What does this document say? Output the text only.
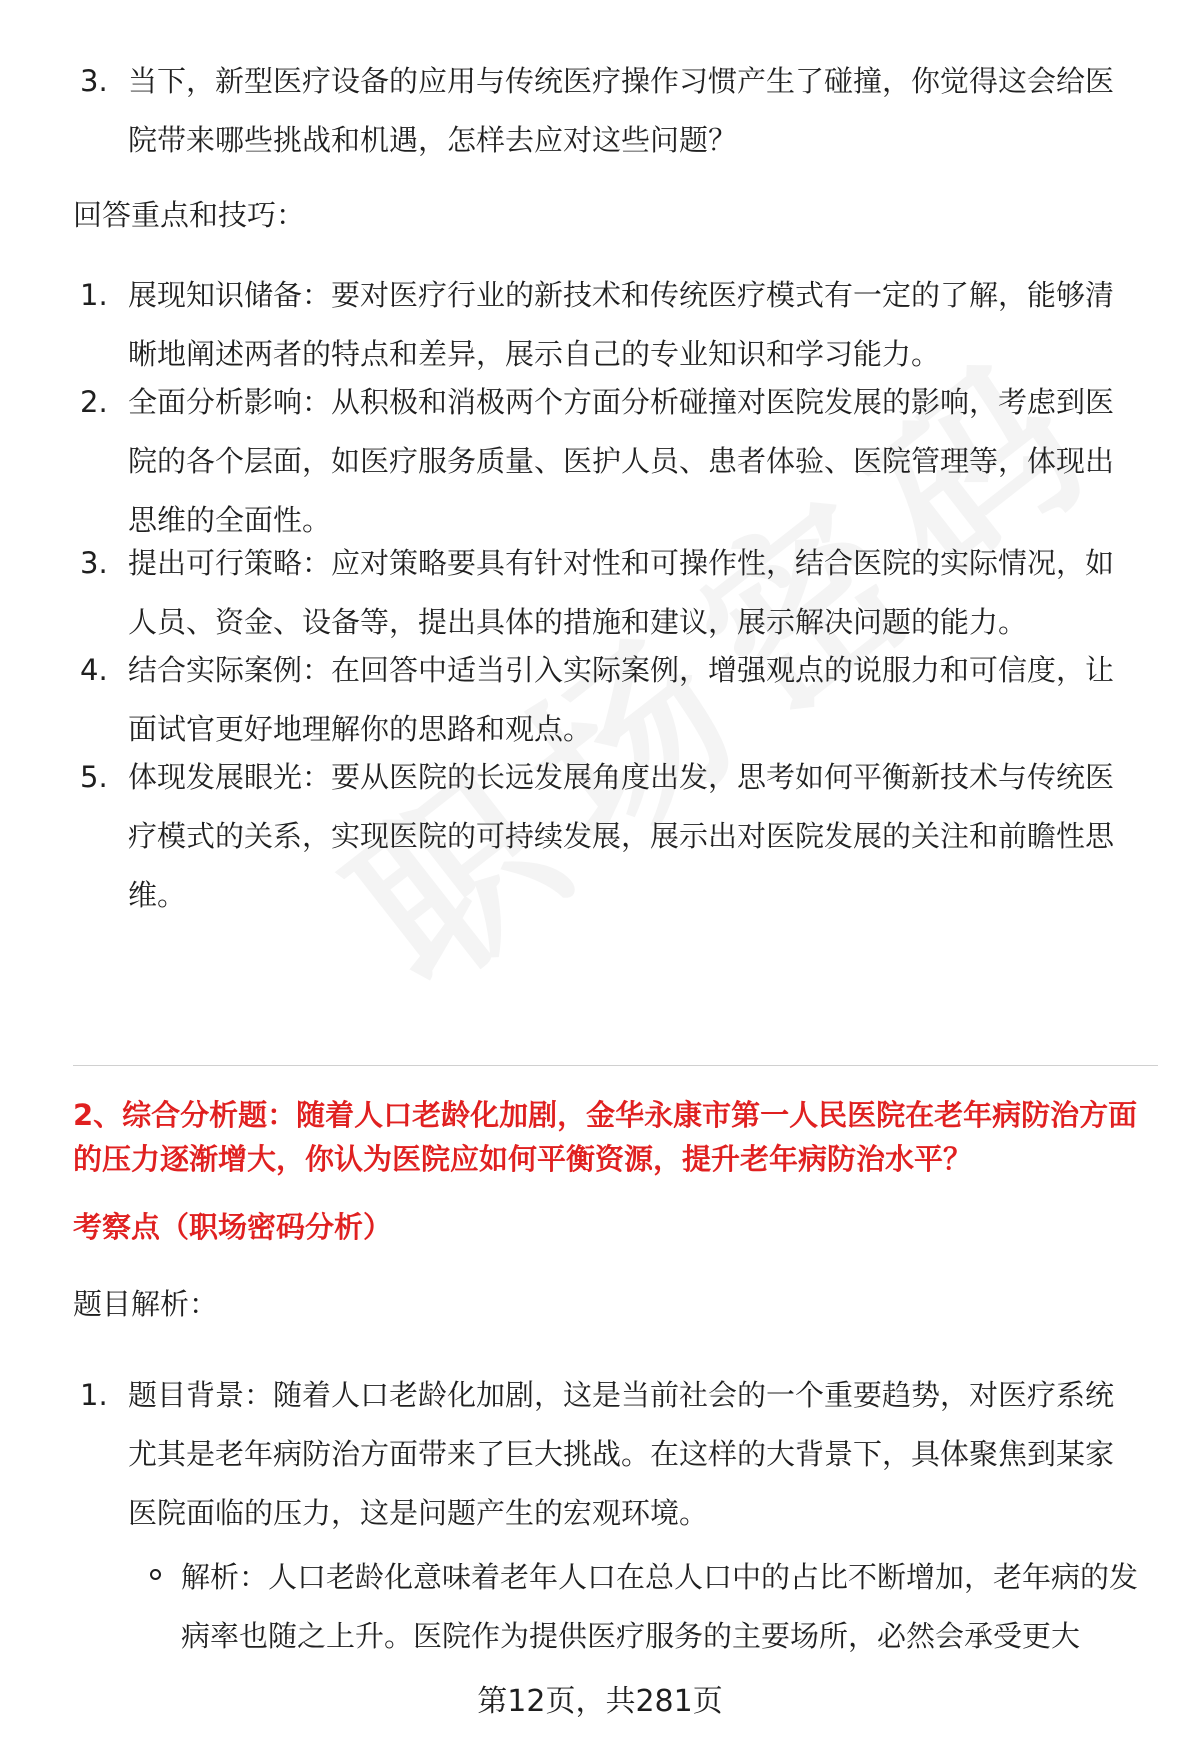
3. 当下，新型医疗设备的应用与传统医疗操作习惯产生了碰撞，你觉得这会给医院带来哪些挑战和机遇，怎样去应对这些问题？
回答重点和技巧：
1. 展现知识储备：要对医疗行业的新技术和传统医疗模式有一定的了解，能够清晰地阐述两者的特点和差异，展示自己的专业知识和学习能力。
2. 全面分析影响：从积极和消极两个方面分析碰撞对医院发展的影响，考虑到医院的各个层面，如医疗服务质量、医护人员、患者体验、医院管理等，体现出思维的全面性。
3. 提出可行策略：应对策略要具有针对性和可操作性，结合医院的实际情况，如人员、资金、设备等，提出具体的措施和建议，展示解决问题的能力。
4. 结合实际案例：在回答中适当引入实际案例，增强观点的说服力和可信度，让面试官更好地理解你的思路和观点。
5. 体现发展眼光：要从医院的长远发展角度出发，思考如何平衡新技术与传统医疗模式的关系，实现医院的可持续发展，展示出对医院发展的关注和前瞻性思维。
2、综合分析题：随着人口老龄化加剧，金华永康市第一人民医院在老年病防治方面的压力逐渐增大，你认为医院应如何平衡资源，提升老年病防治水平？
考察点（职场密码分析）
题目解析：
1. 题目背景：随着人口老龄化加剧，这是当前社会的一个重要趋势，对医疗系统尤其是老年病防治方面带来了巨大挑战。在这样的大背景下，具体聚焦到某家医院面临的压力，这是问题产生的宏观环境。
解析：人口老龄化意味着老年人口在总人口中的占比不断增加，老年病的发病率也随之上升。医院作为提供医疗服务的主要场所，必然会承受更大
第12页，共281页
